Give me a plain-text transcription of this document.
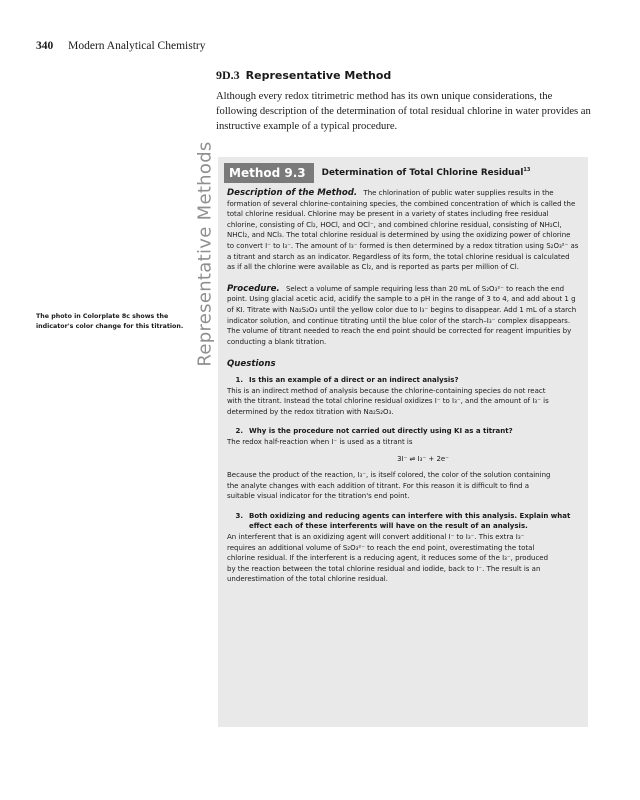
340 Modern Analytical Chemistry
9D.3 Representative Method

Although every redox titrimetric method has its own unique considerations, the following description of the determination of total residual chlorine in water provides an instructive example of a typical procedure.

Representative Methods
The photo in Colorplate 8c shows the indicator's color change for this titration.
Method 9.3	Determination of Total Chlorine Residual$^{13}$

Description of the Method. The chlorination of public water supplies results in the formation of several chlorine-containing species, the combined concentration of which is called the total chlorine residual. Chlorine may be present in a variety of states including free residual chlorine, consisting of Cl₂, HOCl, and OCl⁻, and combined chlorine residual, consisting of NH₂Cl, NHCl₂, and NCl₃. The total chlorine residual is determined by using the oxidizing power of chlorine to convert I⁻ to I₃⁻. The amount of I₃⁻ formed is then determined by a redox titration using S₂O₃²⁻ as a titrant and starch as an indicator. Regardless of its form, the total chlorine residual is calculated as if all the chlorine were available as Cl₂, and is reported as parts per million of Cl.

Procedure. Select a volume of sample requiring less than 20 mL of S₂O₃²⁻ to reach the end point. Using glacial acetic acid, acidify the sample to a pH in the range of 3 to 4, and add about 1 g of KI. Titrate with Na₂S₂O₃ until the yellow color due to I₃⁻ begins to disappear. Add 1 mL of a starch indicator solution, and continue titrating until the blue color of the starch–I₃⁻ complex disappears. The volume of titrant needed to reach the end point should be corrected for reagent impurities by conducting a blank titration.

Questions
1. Is this an example of a direct or an indirect analysis?

This is an indirect method of analysis because the chlorine-containing species do not react with the titrant. Instead the total chlorine residual oxidizes I⁻ to I₃⁻, and the amount of I₃⁻ is determined by the redox titration with Na₂S₂O₃.

2. Why is the procedure not carried out directly using KI as a titrant?

The redox half-reaction when I⁻ is used as a titrant is

3I⁻ ⇌ I₃⁻ + 2e⁻

Because the product of the reaction, I₃⁻, is itself colored, the color of the solution containing the analyte changes with each addition of titrant. For this reason it is difficult to find a suitable visual indicator for the titration's end point.

3. Both oxidizing and reducing agents can interfere with this analysis. Explain what effect each of these interferents will have on the result of an analysis.

An interferent that is an oxidizing agent will convert additional I⁻ to I₃⁻. This extra I₃⁻ requires an additional volume of S₂O₃²⁻ to reach the end point, overestimating the total chlorine residual. If the interferent is a reducing agent, it reduces some of the I₃⁻, produced by the reaction between the total chlorine residual and iodide, back to I⁻. The result is an underestimation of the total chlorine residual.
